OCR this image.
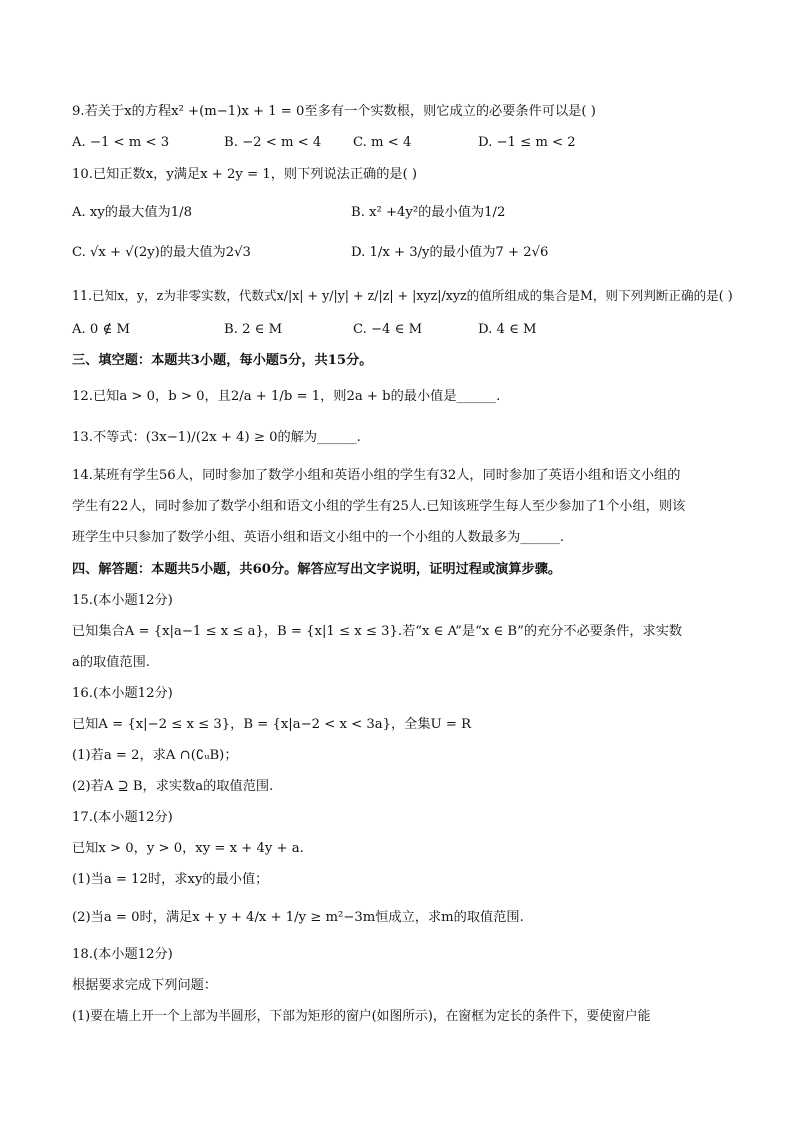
9.若关于x的方程x² +(m−1)x + 1 = 0至多有一个实数根，则它成立的必要条件可以是( )
A. −1 < m < 3	B. −2 < m < 4 C. m < 4	D. −1 ≤ m < 2
10.已知正数x，y满足x + 2y = 1，则下列说法正确的是( )
A. xy的最大值为1/8	B. x² +4y²的最小值为1/2
C. √x + √(2y)的最大值为2√3	D. 1/x + 3/y的最小值为7 + 2√6
11.已知x，y，z为非零实数，代数式x/|x| + y/|y| + z/|z| + |xyz|/xyz的值所组成的集合是M，则下列判断正确的是( )
A. 0 ∉ M	B. 2 ∈ M	C. −4 ∈ M	D. 4 ∈ M
三、填空题：本题共3小题，每小题5分，共15分。
12.已知a > 0，b > 0，且2/a + 1/b = 1，则2a + b的最小值是______.
13.不等式：(3x−1)/(2x + 4) ≥ 0的解为______.
14.某班有学生56人，同时参加了数学小组和英语小组的学生有32人，同时参加了英语小组和语文小组的
学生有22人，同时参加了数学小组和语文小组的学生有25人.已知该班学生每人至少参加了1个小组，则该
班学生中只参加了数学小组、英语小组和语文小组中的一个小组的人数最多为______.
四、解答题：本题共5小题，共60分。解答应写出文字说明，证明过程或演算步骤。
15.(本小题12分)
已知集合A = {x|a−1 ≤ x ≤ a}，B = {x|1 ≤ x ≤ 3}.若“x ∈ A”是“x ∈ B”的充分不必要条件，求实数
a的取值范围.
16.(本小题12分)
已知A = {x|−2 ≤ x ≤ 3}，B = {x|a−2 < x < 3a}，全集U = R
(1)若a = 2，求A ∩(∁ᵤB)；
(2)若A ⊇ B，求实数a的取值范围.
17.(本小题12分)
已知x > 0，y > 0，xy = x + 4y + a.
(1)当a = 12时，求xy的最小值；
(2)当a = 0时，满足x + y + 4/x + 1/y ≥ m²−3m恒成立，求m的取值范围.
18.(本小题12分)
根据要求完成下列问题：
(1)要在墙上开一个上部为半圆形，下部为矩形的窗户(如图所示)，在窗框为定长的条件下，要使窗户能
